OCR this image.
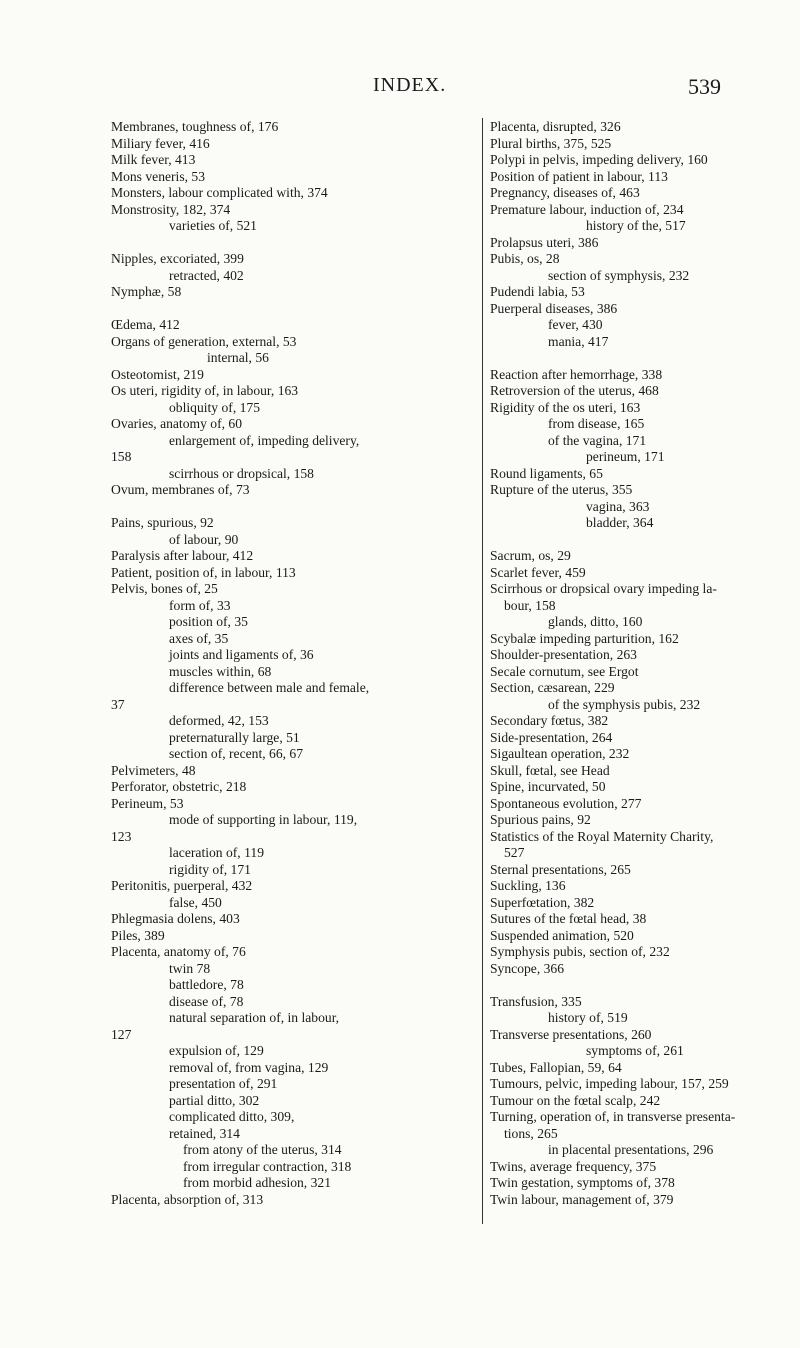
INDEX.	539
Membranes, toughness of, 176
Miliary fever, 416
Milk fever, 413
Mons veneris, 53
Monsters, labour complicated with, 374
Monstrosity, 182, 374
varieties of, 521
Nipples, excoriated, 399
retracted, 402
Nymphæ, 58
Œdema, 412
Organs of generation, external, 53
internal, 56
Osteotomist, 219
Os uteri, rigidity of, in labour, 163
obliquity of, 175
Ovaries, anatomy of, 60
enlargement of, impeding delivery,
158
scirrhous or dropsical, 158
Ovum, membranes of, 73
Pains, spurious, 92
of labour, 90
Paralysis after labour, 412
Patient, position of, in labour, 113
Pelvis, bones of, 25
form of, 33
position of, 35
axes of, 35
joints and ligaments of, 36
muscles within, 68
difference between male and female,
37
deformed, 42, 153
preternaturally large, 51
section of, recent, 66, 67
Pelvimeters, 48
Perforator, obstetric, 218
Perineum, 53
mode of supporting in labour, 119,
123
laceration of, 119
rigidity of, 171
Peritonitis, puerperal, 432
false, 450
Phlegmasia dolens, 403
Piles, 389
Placenta, anatomy of, 76
twin 78
battledore, 78
disease of, 78
natural separation of, in labour,
127
expulsion of, 129
removal of, from vagina, 129
presentation of, 291
partial ditto, 302
complicated ditto, 309,
retained, 314
from atony of the uterus, 314
from irregular contraction, 318
from morbid adhesion, 321
Placenta, absorption of, 313
Placenta, disrupted, 326
Plural births, 375, 525
Polypi in pelvis, impeding delivery, 160
Position of patient in labour, 113
Pregnancy, diseases of, 463
Premature labour, induction of, 234
history of the, 517
Prolapsus uteri, 386
Pubis, os, 28
section of symphysis, 232
Pudendi labia, 53
Puerperal diseases, 386
fever, 430
mania, 417
Reaction after hemorrhage, 338
Retroversion of the uterus, 468
Rigidity of the os uteri, 163
from disease, 165
of the vagina, 171
perineum, 171
Round ligaments, 65
Rupture of the uterus, 355
vagina, 363
bladder, 364
Sacrum, os, 29
Scarlet fever, 459
Scirrhous or dropsical ovary impeding la-
bour, 158
glands, ditto, 160
Scybalæ impeding parturition, 162
Shoulder-presentation, 263
Secale cornutum, see Ergot
Section, cæsarean, 229
of the symphysis pubis, 232
Secondary fœtus, 382
Side-presentation, 264
Sigaultean operation, 232
Skull, fœtal, see Head
Spine, incurvated, 50
Spontaneous evolution, 277
Spurious pains, 92
Statistics of the Royal Maternity Charity,
527
Sternal presentations, 265
Suckling, 136
Superfœtation, 382
Sutures of the fœtal head, 38
Suspended animation, 520
Symphysis pubis, section of, 232
Syncope, 366
Transfusion, 335
history of, 519
Transverse presentations, 260
symptoms of, 261
Tubes, Fallopian, 59, 64
Tumours, pelvic, impeding labour, 157, 259
Tumour on the fœtal scalp, 242
Turning, operation of, in transverse presenta-
tions, 265
in placental presentations, 296
Twins, average frequency, 375
Twin gestation, symptoms of, 378
Twin labour, management of, 379
